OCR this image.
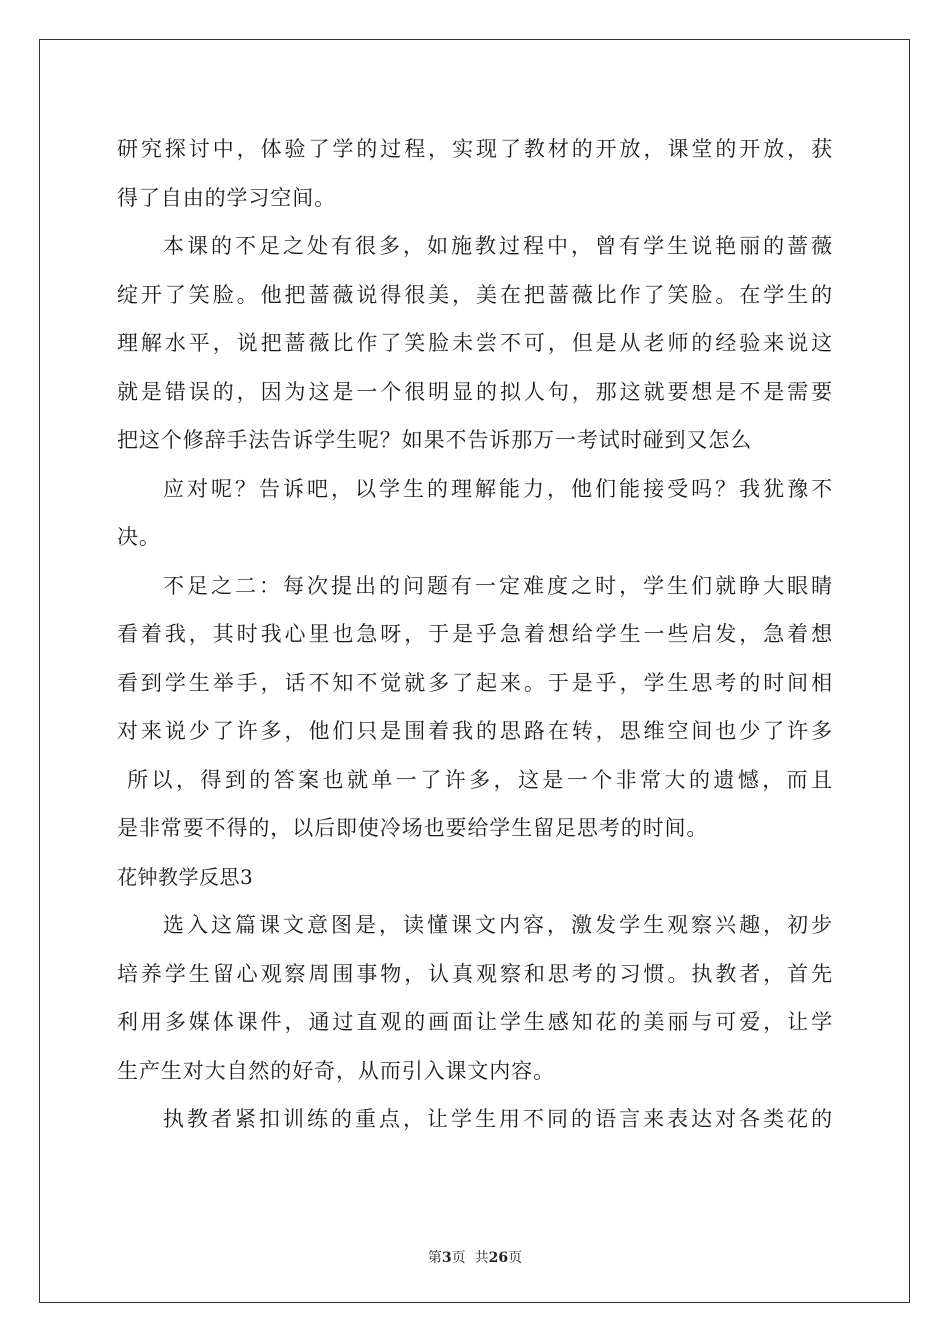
研究探讨中，体验了学的过程，实现了教材的开放，课堂的开放，获
得了自由的学习空间。
本课的不足之处有很多，如施教过程中，曾有学生说艳丽的蔷薇
绽开了笑脸。他把蔷薇说得很美，美在把蔷薇比作了笑脸。在学生的
理解水平，说把蔷薇比作了笑脸未尝不可，但是从老师的经验来说这
就是错误的，因为这是一个很明显的拟人句，那这就要想是不是需要
把这个修辞手法告诉学生呢？如果不告诉那万一考试时碰到又怎么
应对呢？告诉吧，以学生的理解能力，他们能接受吗？我犹豫不
决。
不足之二：每次提出的问题有一定难度之时，学生们就睁大眼睛
看着我，其时我心里也急呀，于是乎急着想给学生一些启发，急着想
看到学生举手，话不知不觉就多了起来。于是乎，学生思考的时间相
对来说少了许多，他们只是围着我的思路在转，思维空间也少了许多
所以，得到的答案也就单一了许多，这是一个非常大的遗憾，而且
是非常要不得的，以后即使冷场也要给学生留足思考的时间。
花钟教学反思3
选入这篇课文意图是，读懂课文内容，激发学生观察兴趣，初步
培养学生留心观察周围事物，认真观察和思考的习惯。执教者，首先
利用多媒体课件，通过直观的画面让学生感知花的美丽与可爱，让学
生产生对大自然的好奇，从而引入课文内容。
执教者紧扣训练的重点，让学生用不同的语言来表达对各类花的
第3页  共26页
